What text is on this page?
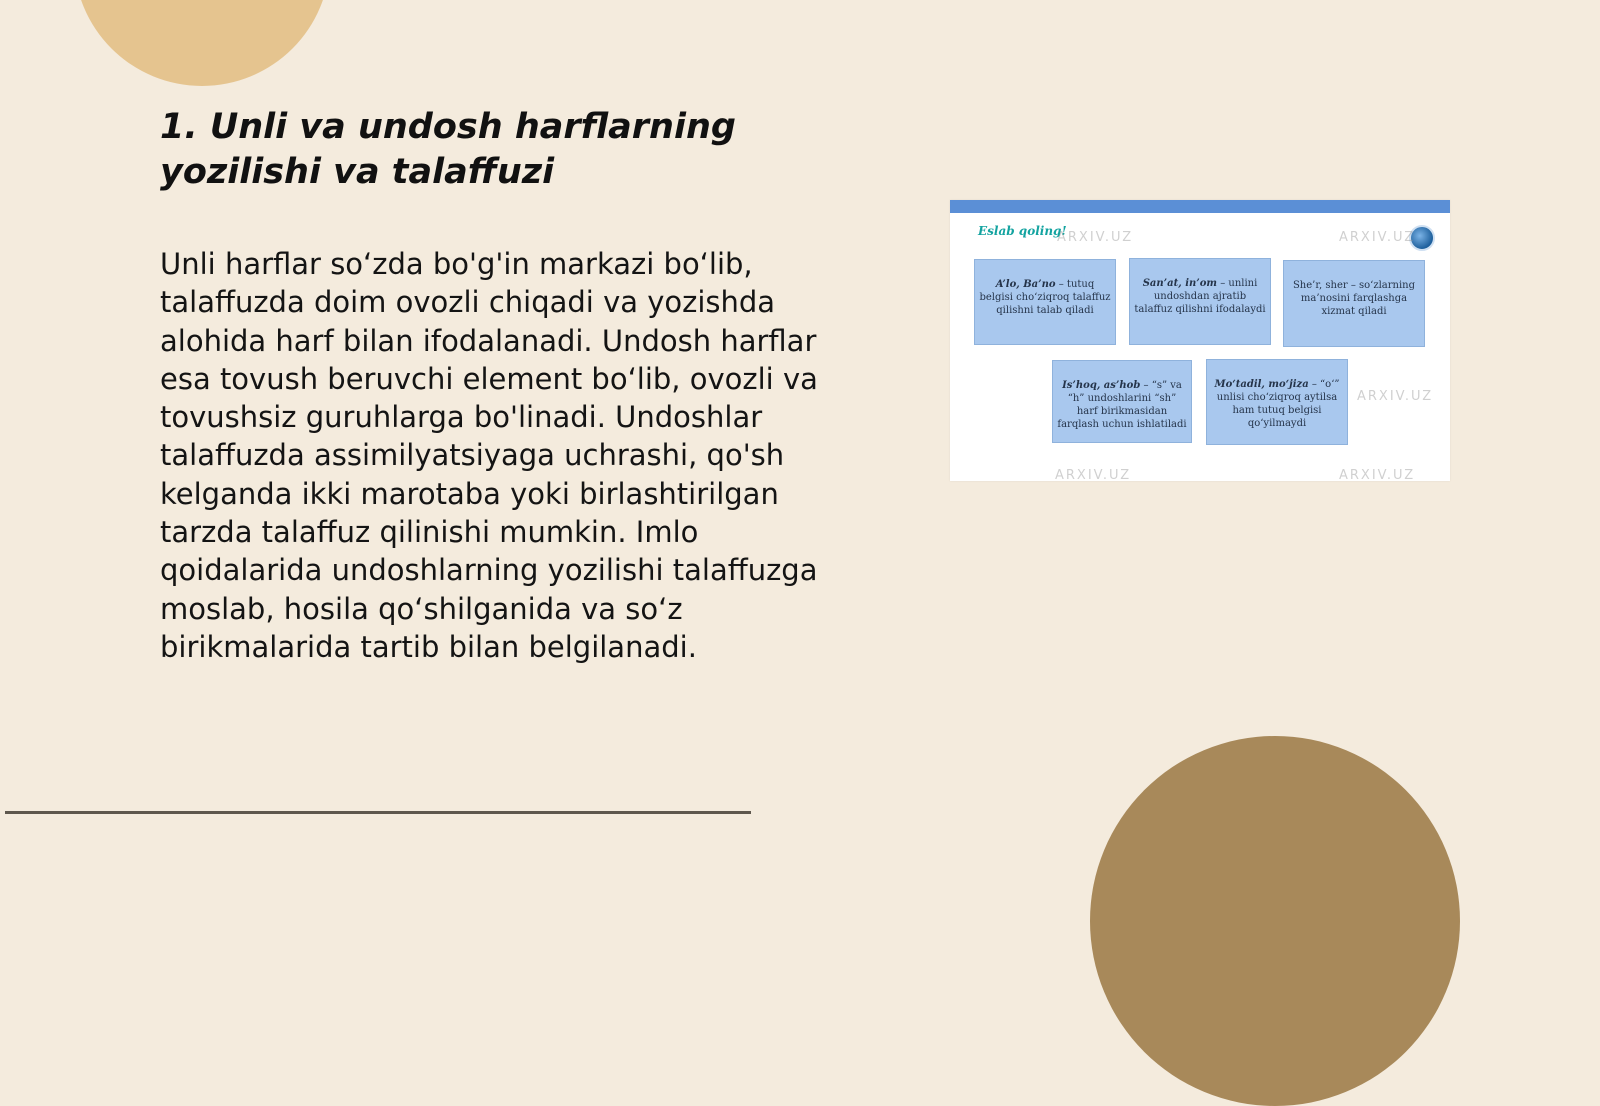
1. Unli va undosh harflarning yozilishi va talaffuzi

Unli harflar so‘zda bo'g'in markazi bo‘lib, talaffuzda doim ovozli chiqadi va yozishda alohida harf bilan ifodalanadi. Undosh harflar esa tovush beruvchi element bo‘lib, ovozli va tovushsiz guruhlarga bo'linadi. Undoshlar talaffuzda assimilyatsiyaga uchrashi, qo'sh kelganda ikki marotaba yoki birlashtirilgan tarzda talaffuz qilinishi mumkin. Imlo qoidalarida undoshlarning yozilishi talaffuzga moslab, hosila qo‘shilganida va so‘z birikmalarida tartib bilan belgilanadi.

Eslab qoling!
ARXIV.UZ	ARXIV.UZ
ARXIV.UZ
ARXIV.UZ	ARXIV.UZ
A’lo, Ba’no – tutuq belgisi cho‘ziqroq talaffuz qilishni talab qiladi
San’at, in’om – unlini undoshdan ajratib talaffuz qilishni ifodalaydi
She’r, sher – so‘zlarning ma’nosini farqlashga xizmat qiladi
Is’hoq, as’hob – “s” va “h” undoshlarini “sh” harf birikmasidan farqlash uchun ishlatiladi
Mo‘tadil, mo‘jiza – “o‘” unlisi cho‘ziqroq aytilsa ham tutuq belgisi qo‘yilmaydi
